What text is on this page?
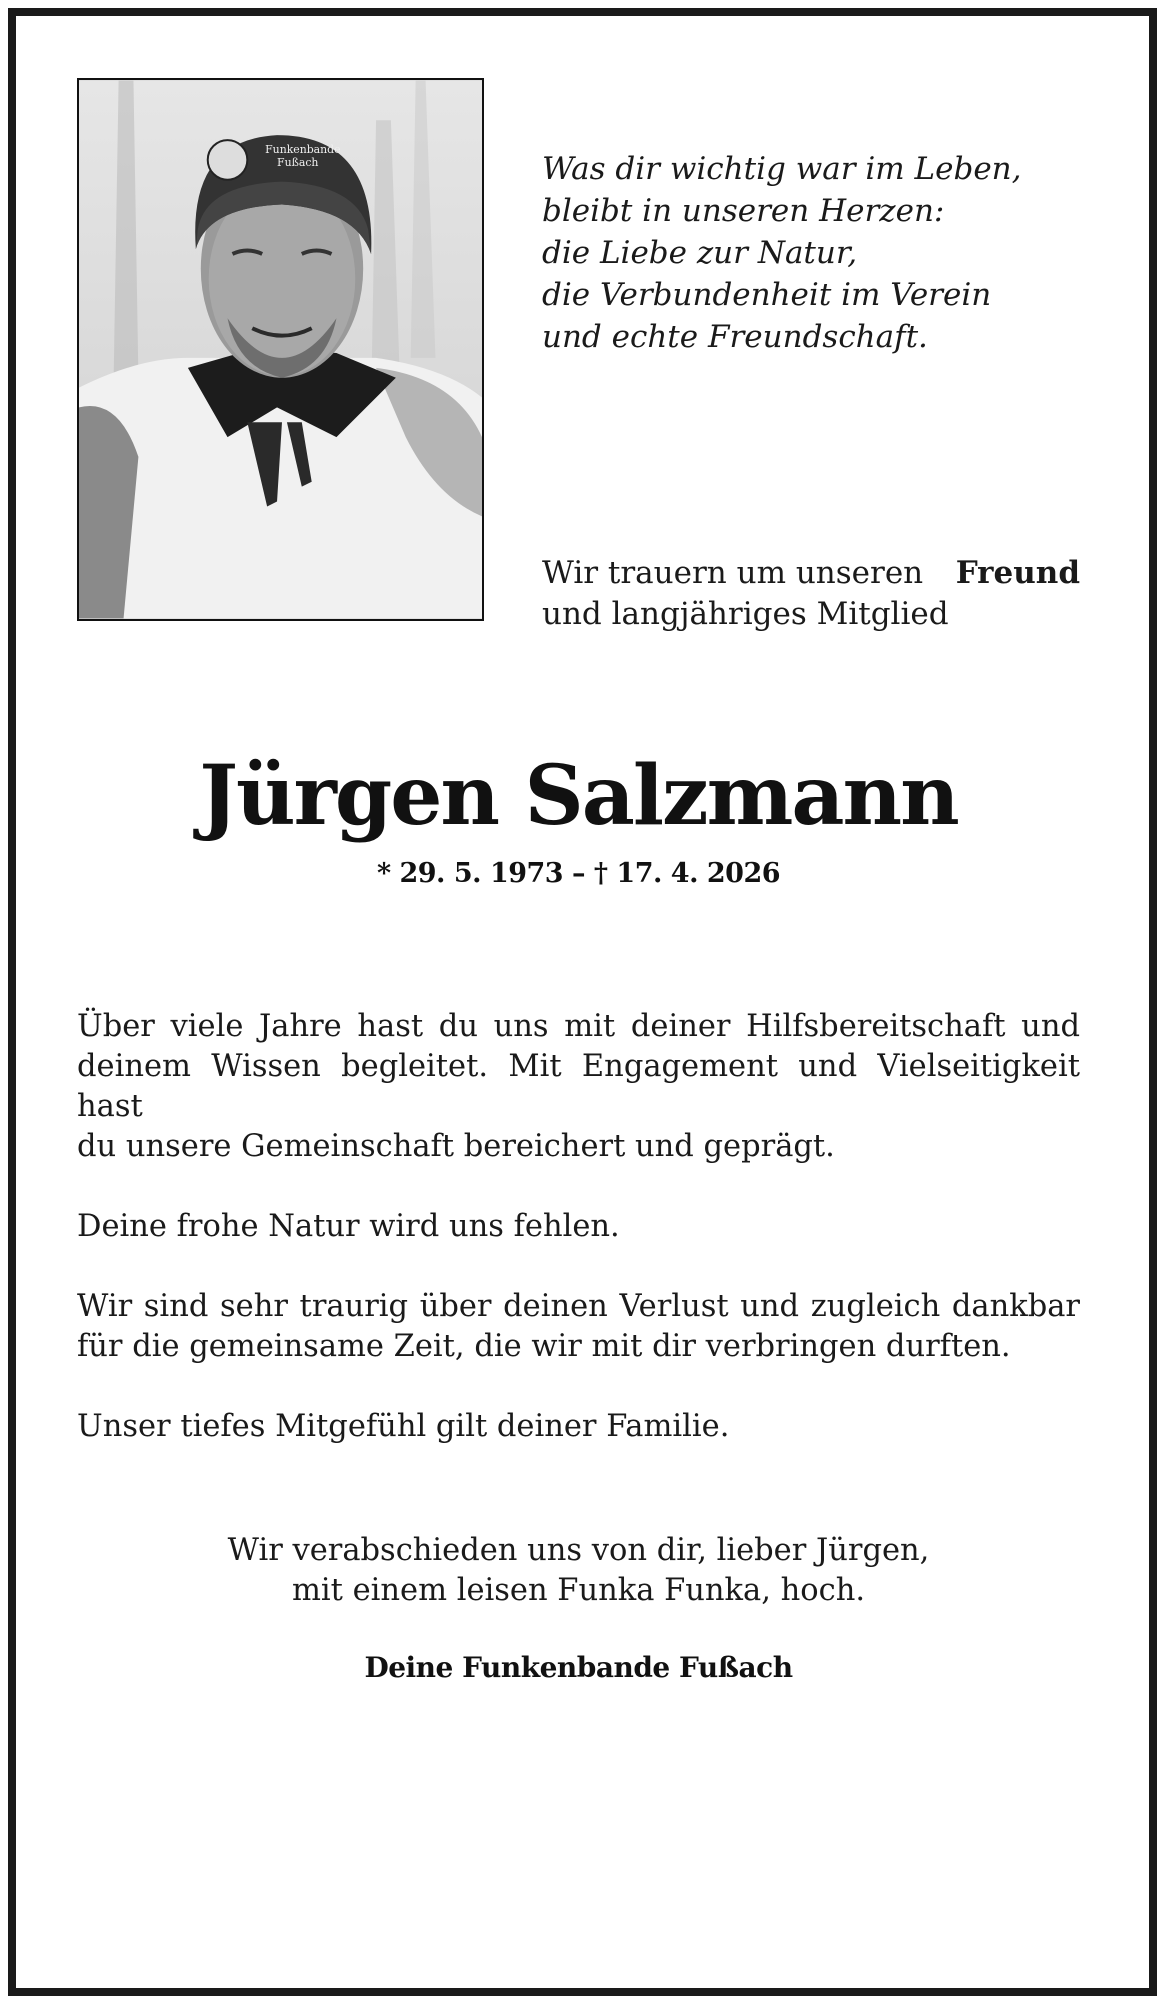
Funkenbande
Fußach	Was dir wichtig war im Leben,
bleibt in unseren Herzen:
die Liebe zur Natur,
die Verbundenheit im Verein
und echte Freundschaft.
Wir trauern um unseren Freund
und langjähriges Mitglied
Jürgen Salzmann
* 29. 5. 1973 – † 17. 4. 2026

Über viele Jahre hast du uns mit deiner Hilfsbereitschaft und
deinem Wissen begleitet. Mit Engagement und Vielseitigkeit hast
du unsere Gemeinschaft bereichert und geprägt.

Deine frohe Natur wird uns fehlen.

Wir sind sehr traurig über deinen Verlust und zugleich dankbar
für die gemeinsame Zeit, die wir mit dir verbringen durften.

Unser tiefes Mitgefühl gilt deiner Familie.

Wir verabschieden uns von dir, lieber Jürgen,
mit einem leisen Funka Funka, hoch.
Deine Funkenbande Fußach
